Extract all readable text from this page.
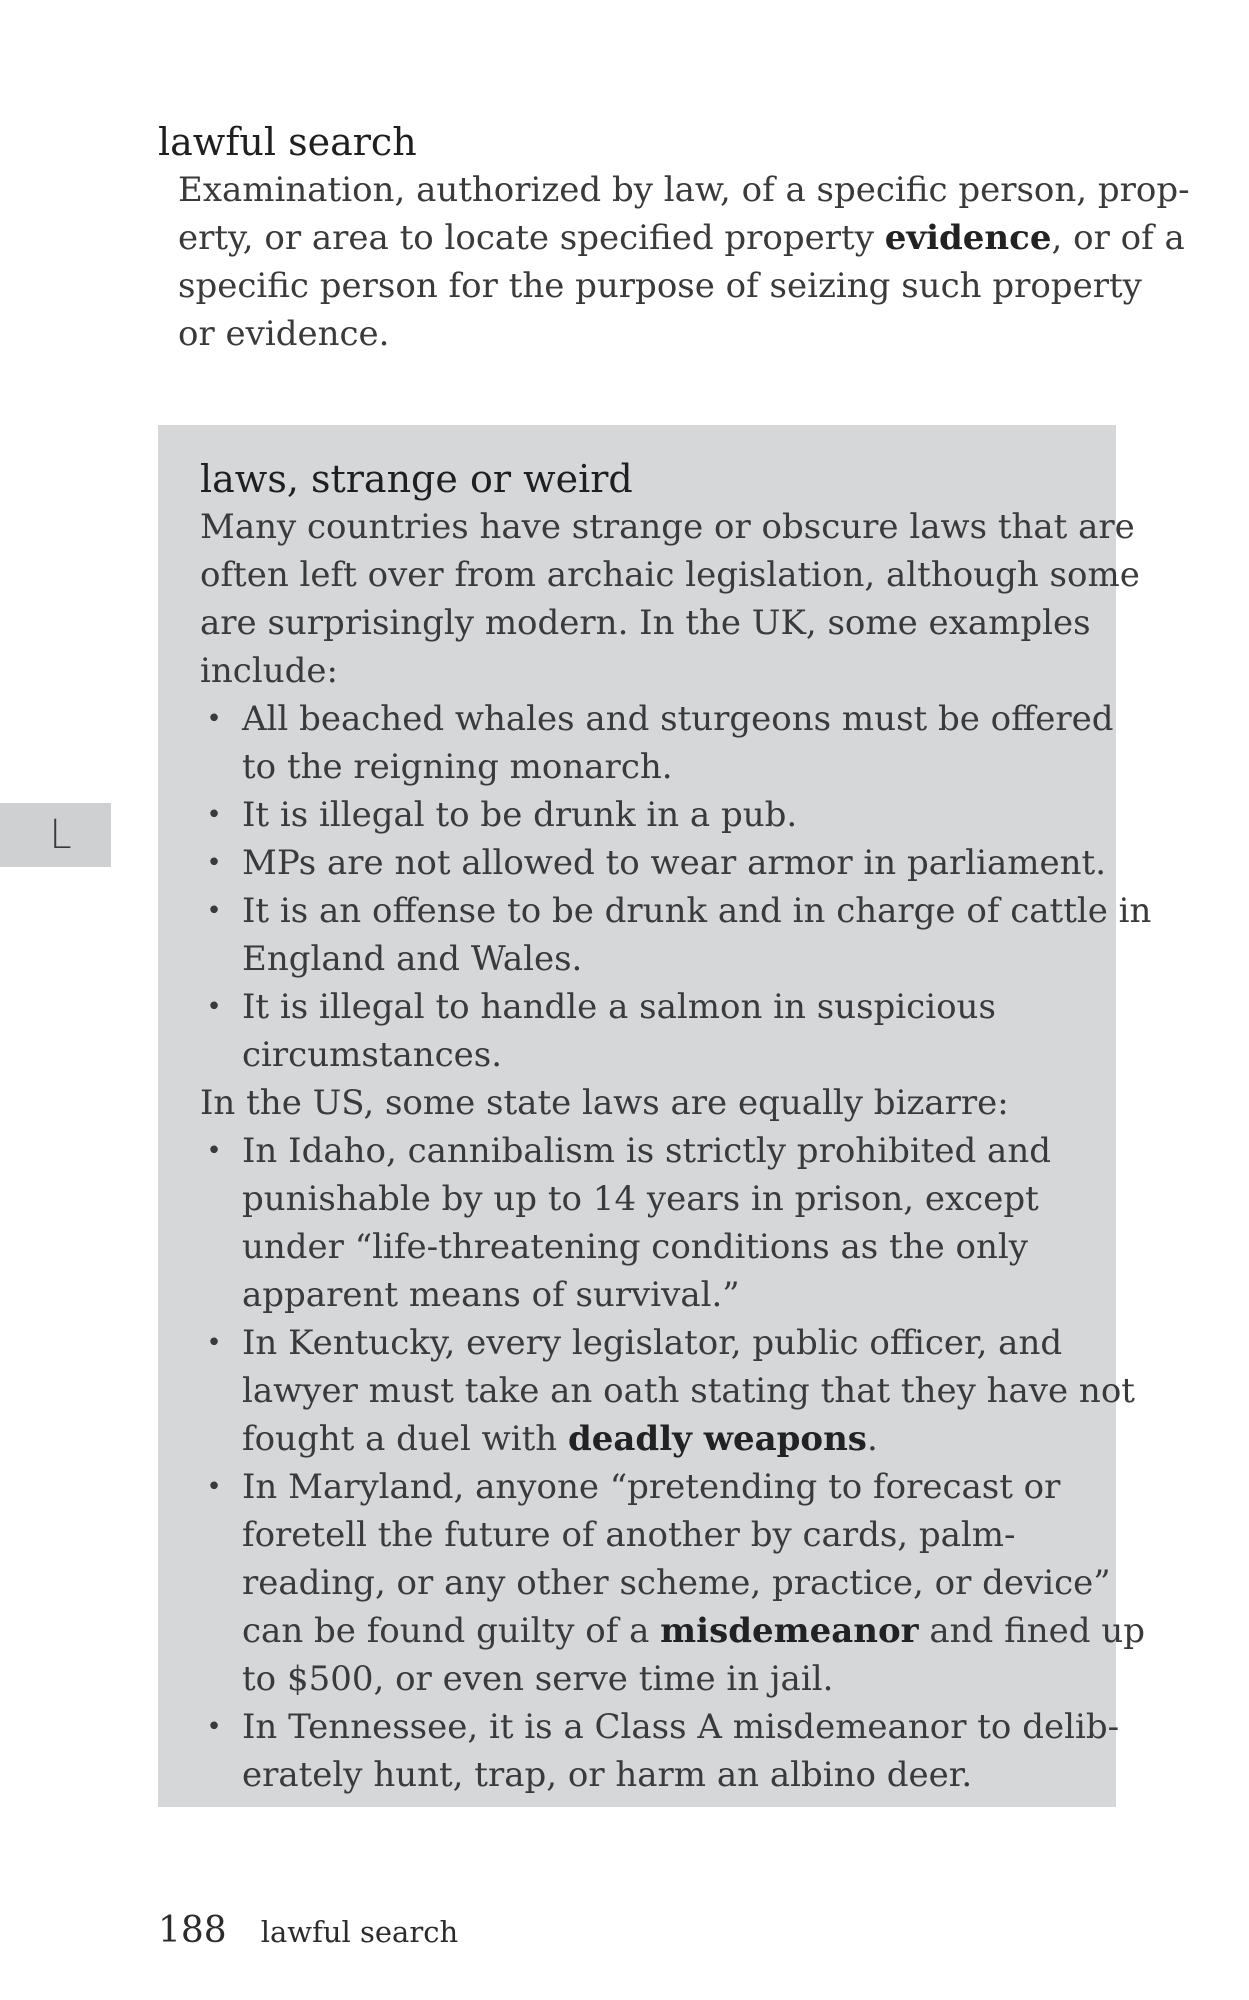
lawful search
Examination, authorized by law, of a specific person, prop-
erty, or area to locate specified property evidence, or of a
specific person for the purpose of seizing such property
or evidence.
laws, strange or weird
Many countries have strange or obscure laws that are
often left over from archaic legislation, although some
are surprisingly modern. In the UK, some examples
include:
• All beached whales and sturgeons must be offered
to the reigning monarch.
• It is illegal to be drunk in a pub.
• MPs are not allowed to wear armor in parliament.
• It is an offense to be drunk and in charge of cattle in
England and Wales.
• It is illegal to handle a salmon in suspicious
circumstances.
In the US, some state laws are equally bizarre:
• In Idaho, cannibalism is strictly prohibited and
punishable by up to 14 years in prison, except
under “life-threatening conditions as the only
apparent means of survival.”
• In Kentucky, every legislator, public officer, and
lawyer must take an oath stating that they have not
fought a duel with deadly weapons.
• In Maryland, anyone “pretending to forecast or
foretell the future of another by cards, palm-
reading, or any other scheme, practice, or device”
can be found guilty of a misdemeanor and fined up
to $500, or even serve time in jail.
• In Tennessee, it is a Class A misdemeanor to delib-
erately hunt, trap, or harm an albino deer.
L
188 lawful search
